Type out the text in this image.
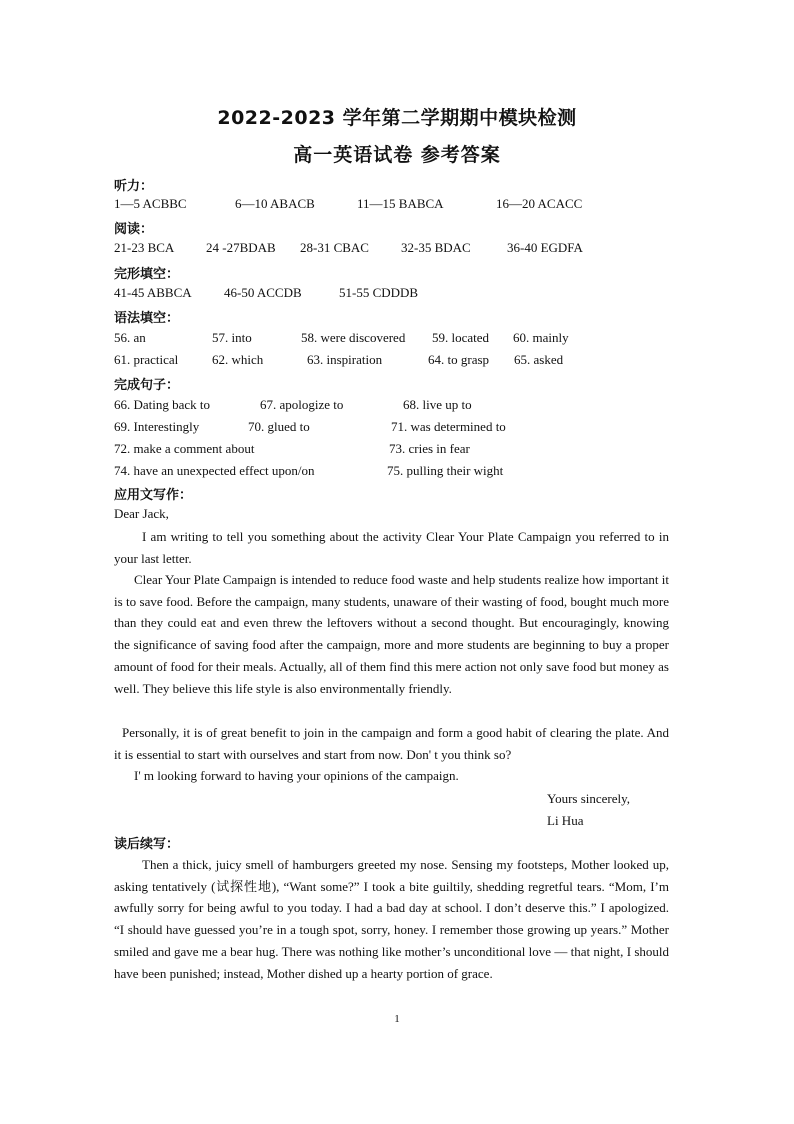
2022-2023 学年第二学期期中模块检测
高一英语试卷 参考答案
听力：
1—5 ACBBC	6—10 ABACB	11—15 BABCA	16—20 ACACC
阅读：
21-23 BCA 24 -27BDAB 28-31 CBAC 32-35 BDAC	36-40 EGDFA
完形填空：
41-45 ABBCA 46-50 ACCDB	51-55 CDDDB
语法填空：
56. an	57. into	58. were discovered 59. located 60. mainly
61. practical	62. which	63. inspiration	64. to grasp 65. asked
完成句子：
66. Dating back to	67. apologize to	68. live up to
69. Interestingly	70. glued to	71. was determined to
72. make a comment about	73. cries in fear
74. have an unexpected effect upon/on	75. pulling their wight
应用文写作：
Dear Jack,
I am writing to tell you something about the activity Clear Your Plate Campaign you referred to in your last letter.
Clear Your Plate Campaign is intended to reduce food waste and help students realize how important it is to save food. Before the campaign, many students, unaware of their wasting of food, bought much more than they could eat and even threw the leftovers without a second thought. But encouragingly, knowing the significance of saving food after the campaign, more and more students are beginning to buy a proper amount of food for their meals. Actually, all of them find this mere action not only save food but money as well. They believe this life style is also environmentally friendly.
Personally, it is of great benefit to join in the campaign and form a good habit of clearing the plate. And it is essential to start with ourselves and start from now. Don' t you think so?
I' m looking forward to having your opinions of the campaign.
Yours sincerely,
Li Hua
读后续写：
Then a thick, juicy smell of hamburgers greeted my nose. Sensing my footsteps, Mother looked up, asking tentatively (试探性地), “Want some?” I took a bite guiltily, shedding regretful tears. “Mom, I’m awfully sorry for being awful to you today. I had a bad day at school. I don’t deserve this.” I apologized. “I should have guessed you’re in a tough spot, sorry, honey. I remember those growing up years.” Mother smiled and gave me a bear hug. There was nothing like mother’s unconditional love — that night, I should have been punished; instead, Mother dished up a hearty portion of grace.
1
